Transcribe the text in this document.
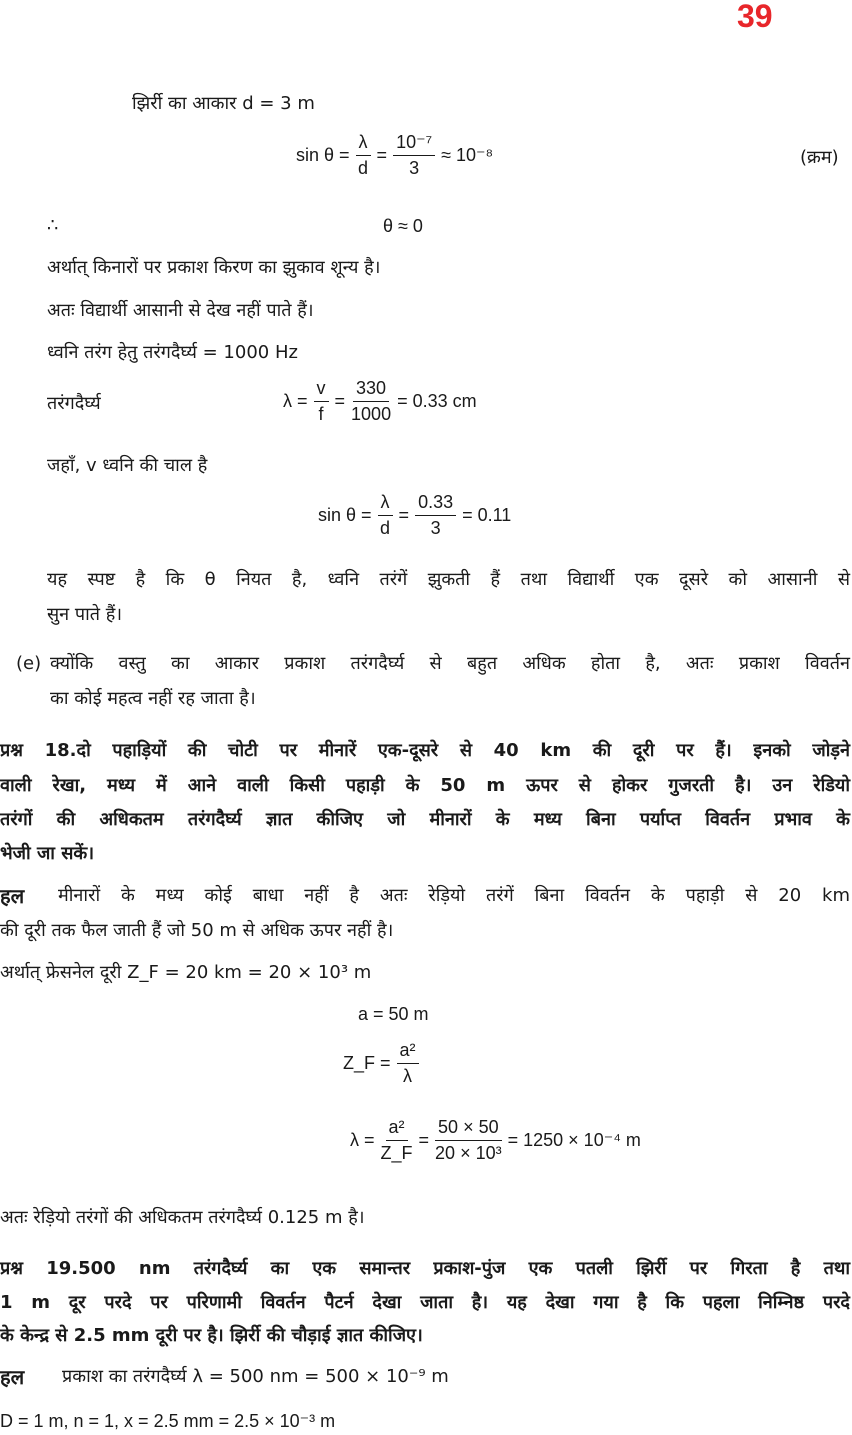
39
झिर्री का आकार d = 3 m
$\sin \theta = \frac{\lambda}{d} = \frac{\text{10⁻⁷}}{3} \approx 10^{-8}$	(क्रम)
∴	θ ≈ 0
अर्थात् किनारों पर प्रकाश किरण का झुकाव शून्य है।
अतः विद्यार्थी आसानी से देख नहीं पाते हैं।
ध्वनि तरंग हेतु तरंगदैर्घ्य = 1000 Hz
तरंगदैर्घ्य	$\lambda = \frac{v}{f} = \frac{330}{1000} = 0.33$ cm
जहाँ, v ध्वनि की चाल है
$\sin \theta = \frac{\lambda}{d} = \frac{0.33}{3} = 0.11$
यह स्पष्ट है कि θ नियत है, ध्वनि तरंगें झुकती हैं तथा विद्यार्थी एक दूसरे को आसानी से
सुन पाते हैं।
(e) क्योंकि वस्तु का आकार प्रकाश तरंगदैर्घ्य से बहुत अधिक होता है, अतः प्रकाश विवर्तन
का कोई महत्व नहीं रह जाता है।
प्रश्न 18.दो पहाड़ियों की चोटी पर मीनारें एक-दूसरे से 40 km की दूरी पर हैं। इनको जोड़ने
वाली रेखा, मध्य में आने वाली किसी पहाड़ी के 50 m ऊपर से होकर गुजरती है। उन रेडियो
तरंगों की अधिकतम तरंगदैर्घ्य ज्ञात कीजिए जो मीनारों के मध्य बिना पर्याप्त विवर्तन प्रभाव के
भेजी जा सकें।
हल मीनारों के मध्य कोई बाधा नहीं है अतः रेड़ियो तरंगें बिना विवर्तन के पहाड़ी से 20 km
की दूरी तक फैल जाती हैं जो 50 m से अधिक ऊपर नहीं है।
अर्थात् फ्रेसनेल दूरी Z_F = 20 km = 20 × 10³ m
a = 50 m
Z_F = $\frac{\text{a²}}{\lambda}$
$\lambda = \frac{\text{a²}}{Z\_F} = \frac{50 \times 50}{\text{20 × 10³}} = 1250 \times 10^{-4}$ m
अतः रेड़ियो तरंगों की अधिकतम तरंगदैर्घ्य 0.125 m है।
प्रश्न 19.500 nm तरंगदैर्घ्य का एक समान्तर प्रकाश-पुंज एक पतली झिर्री पर गिरता है तथा
1 m दूर परदे पर परिणामी विवर्तन पैटर्न देखा जाता है। यह देखा गया है कि पहला निम्निष्ठ परदे
के केन्द्र से 2.5 mm दूरी पर है। झिर्री की चौड़ाई ज्ञात कीजिए।
हल प्रकाश का तरंगदैर्घ्य λ = 500 nm = 500 × 10⁻⁹ m
D = 1 m, n = 1, x = 2.5 mm = 2.5 × 10⁻³ m
